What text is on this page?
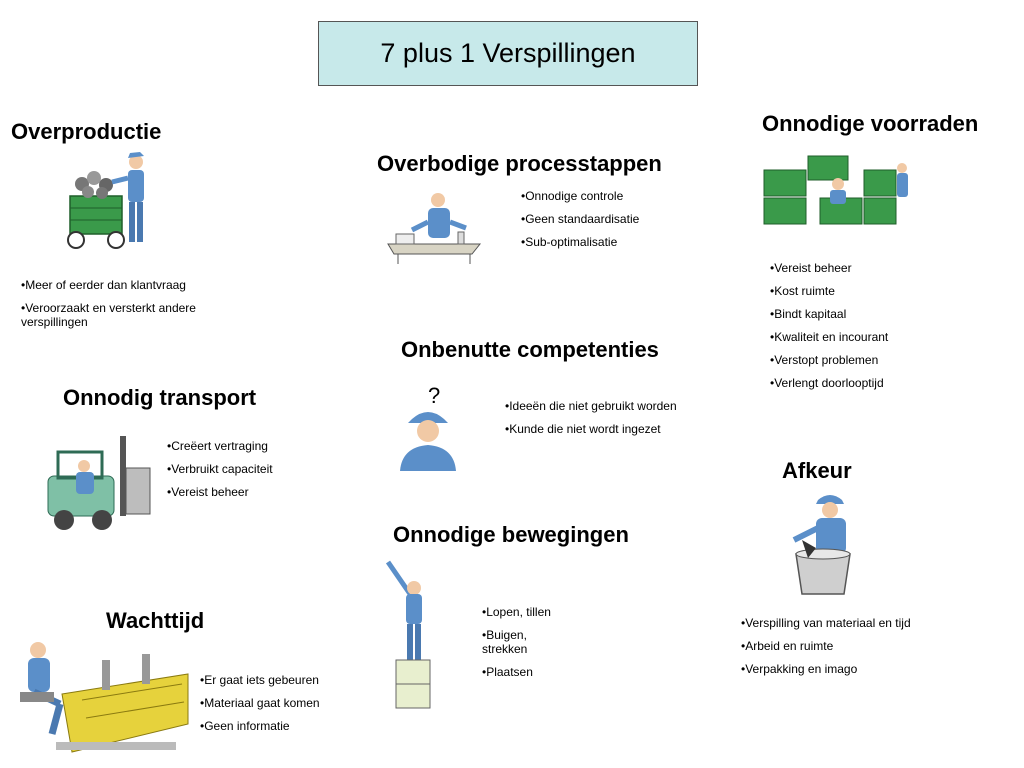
7 plus 1 Verspillingen
Overproductie
•Meer of eerder dan klantvraag
•Veroorzaakt en versterkt andere verspillingen
Overbodige processtappen
•Onnodige controle
•Geen standaardisatie
•Sub-optimalisatie
Onnodige voorraden
•Vereist beheer
•Kost ruimte
•Bindt kapitaal
•Kwaliteit en incourant
•Verstopt problemen
•Verlengt doorlooptijd
Onbenutte competenties
?	•Ideeën die niet gebruikt worden
•Kunde die niet wordt ingezet
Onnodig transport
•Creëert vertraging
•Verbruikt capaciteit
•Vereist beheer
Afkeur
•Verspilling van materiaal en tijd
•Arbeid en ruimte
•Verpakking en imago
Onnodige bewegingen
•Lopen, tillen
•Buigen, strekken
•Plaatsen
Wachttijd
•Er gaat iets gebeuren
•Materiaal gaat komen
•Geen informatie
